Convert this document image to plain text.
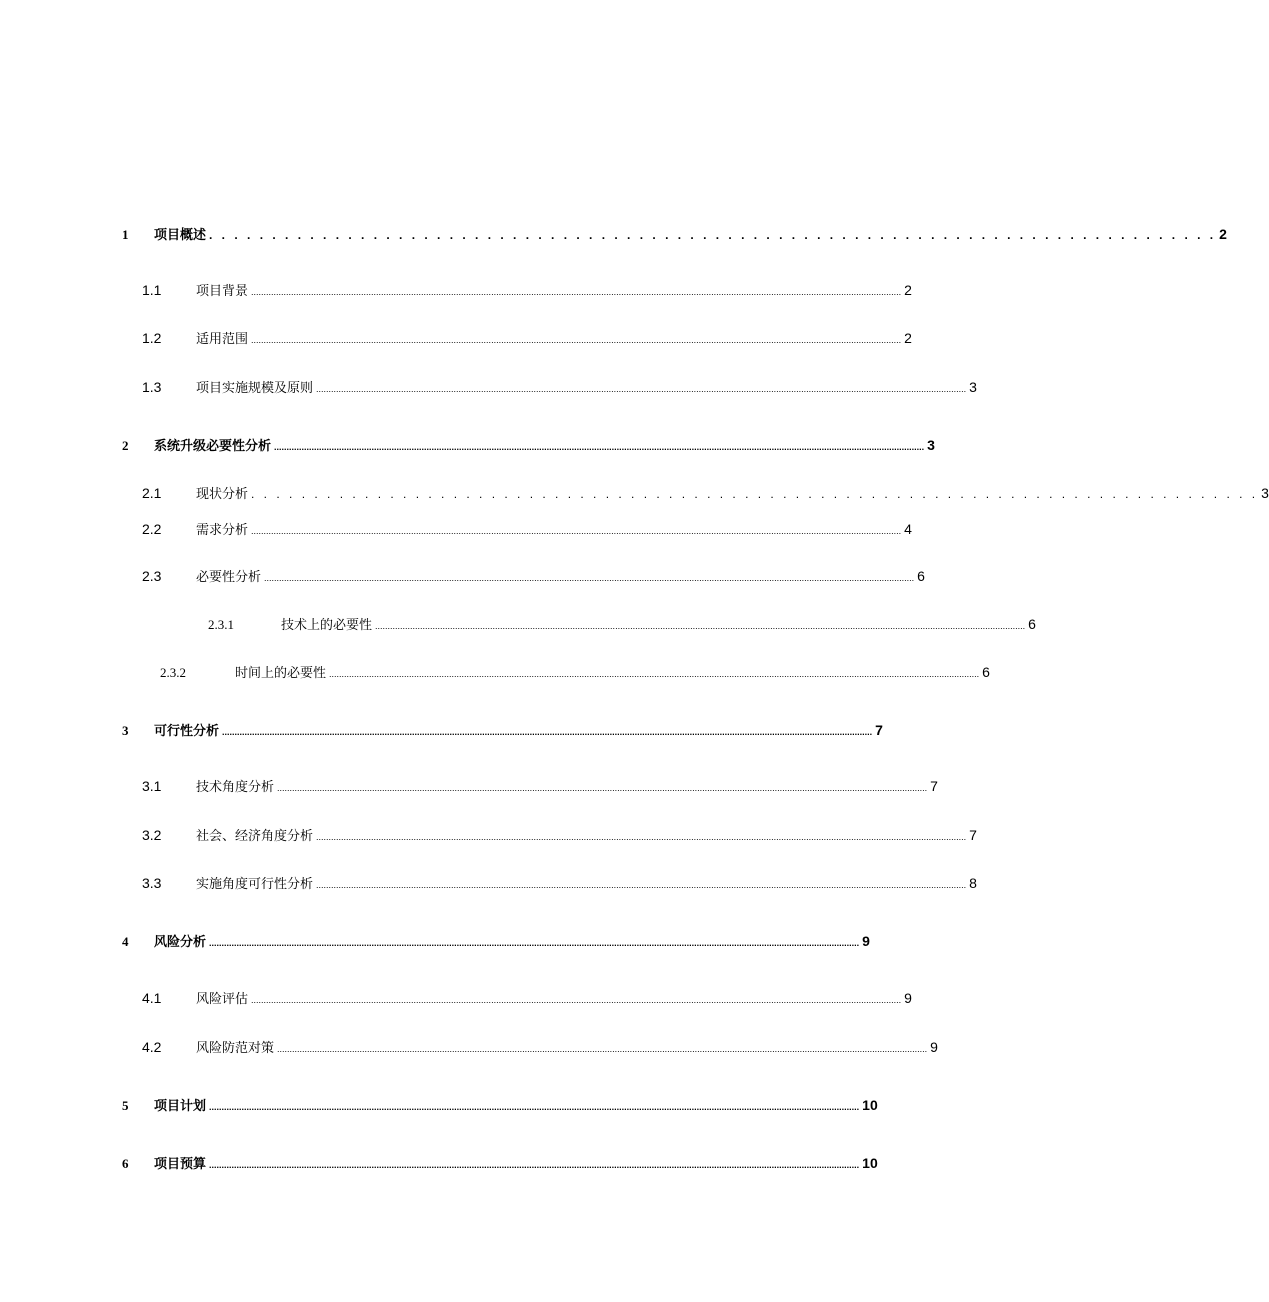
1	项目概述 . . . . . . . . . . . . . . . . . . . . . . . . . . . . . . . . . . . . . . . . . . . . . . . . . . . . . . . . . . . . . . . . . . . . . . . . . . . . . . . . 2
1.1	项目背景 .................................................................................................................................................................................................................................................................... 2
1.2	适用范围 .................................................................................................................................................................................................................................................................... 2
1.3	项目实施规模及原则 .................................................................................................................................................................................................................................................................... 3
2	系统升级必要性分析 .................................................................................................................................................................................................................................................................... 3
2.1	现状分析 . . . . . . . . . . . . . . . . . . . . . . . . . . . . . . . . . . . . . . . . . . . . . . . . . . . . . . . . . . . . . . . . . . . . . . . . . . . . . . . . 3
2.2	需求分析 .................................................................................................................................................................................................................................................................... 4
2.3	必要性分析 .................................................................................................................................................................................................................................................................... 6
2.3.1	技术上的必要性 .................................................................................................................................................................................................................................................................... 6
2.3.2	时间上的必要性 .................................................................................................................................................................................................................................................................... 6
3	可行性分析 .................................................................................................................................................................................................................................................................... 7
3.1	技术角度分析 .................................................................................................................................................................................................................................................................... 7
3.2	社会、经济角度分析 .................................................................................................................................................................................................................................................................... 7
3.3	实施角度可行性分析 .................................................................................................................................................................................................................................................................... 8
4	风险分析 .................................................................................................................................................................................................................................................................... 9
4.1	风险评估 .................................................................................................................................................................................................................................................................... 9
4.2	风险防范对策 .................................................................................................................................................................................................................................................................... 9
5	项目计划 .................................................................................................................................................................................................................................................................... 10
6	项目预算 .................................................................................................................................................................................................................................................................... 10
